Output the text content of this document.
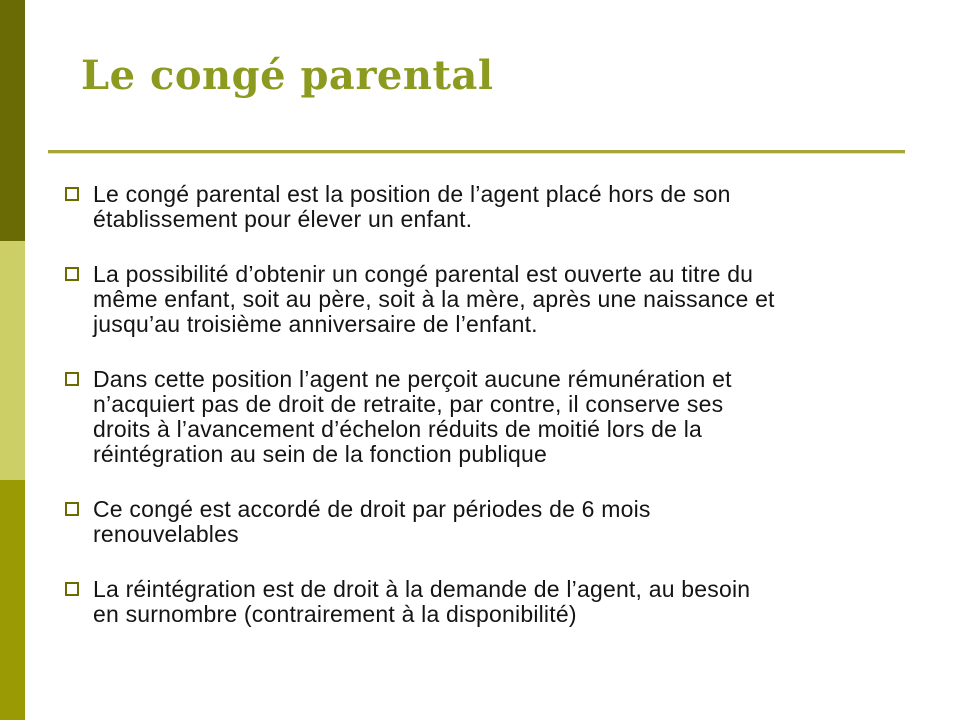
Le congé parental
Le congé parental est la position de l’agent placé hors de son
établissement pour élever un enfant.
La possibilité d’obtenir un congé parental est ouverte au titre du
même enfant, soit au père, soit à la mère, après une naissance et
jusqu’au troisième anniversaire de l’enfant.
Dans cette position l’agent ne perçoit aucune rémunération et
n’acquiert pas de droit de retraite, par contre, il conserve ses
droits à l’avancement d’échelon réduits de moitié lors de la
réintégration au sein de la fonction publique
Ce congé est accordé de droit par périodes de 6 mois
renouvelables
La réintégration est de droit à la demande de l’agent, au besoin
en surnombre (contrairement à la disponibilité)
